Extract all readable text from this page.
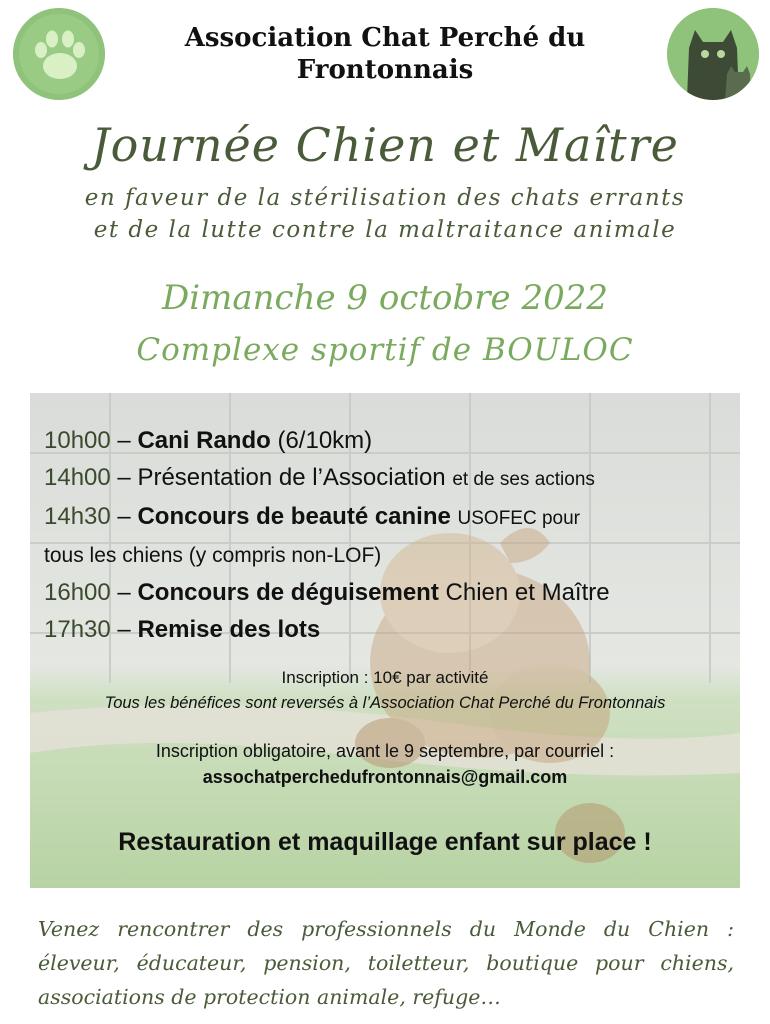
Association Chat Perché du
Frontonnais
Journée Chien et Maître
en faveur de la stérilisation des chats errants
et de la lutte contre la maltraitance animale
Dimanche 9 octobre 2022
Complexe sportif de BOULOC
10h00 – Cani Rando (6/10km)
14h00 – Présentation de l’Association et de ses actions
14h30 – Concours de beauté canine USOFEC pour
tous les chiens (y compris non-LOF)
16h00 – Concours de déguisement Chien et Maître
17h30 – Remise des lots
Inscription : 10€ par activité
Tous les bénéfices sont reversés à l’Association Chat Perché du Frontonnais
Inscription obligatoire, avant le 9 septembre, par courriel :
assochatperchedufrontonnais@gmail.com
Restauration et maquillage enfant sur place !
Venez rencontrer des professionnels du Monde du Chien :
éleveur, éducateur, pension, toiletteur, boutique pour chiens,
associations de protection animale, refuge…
